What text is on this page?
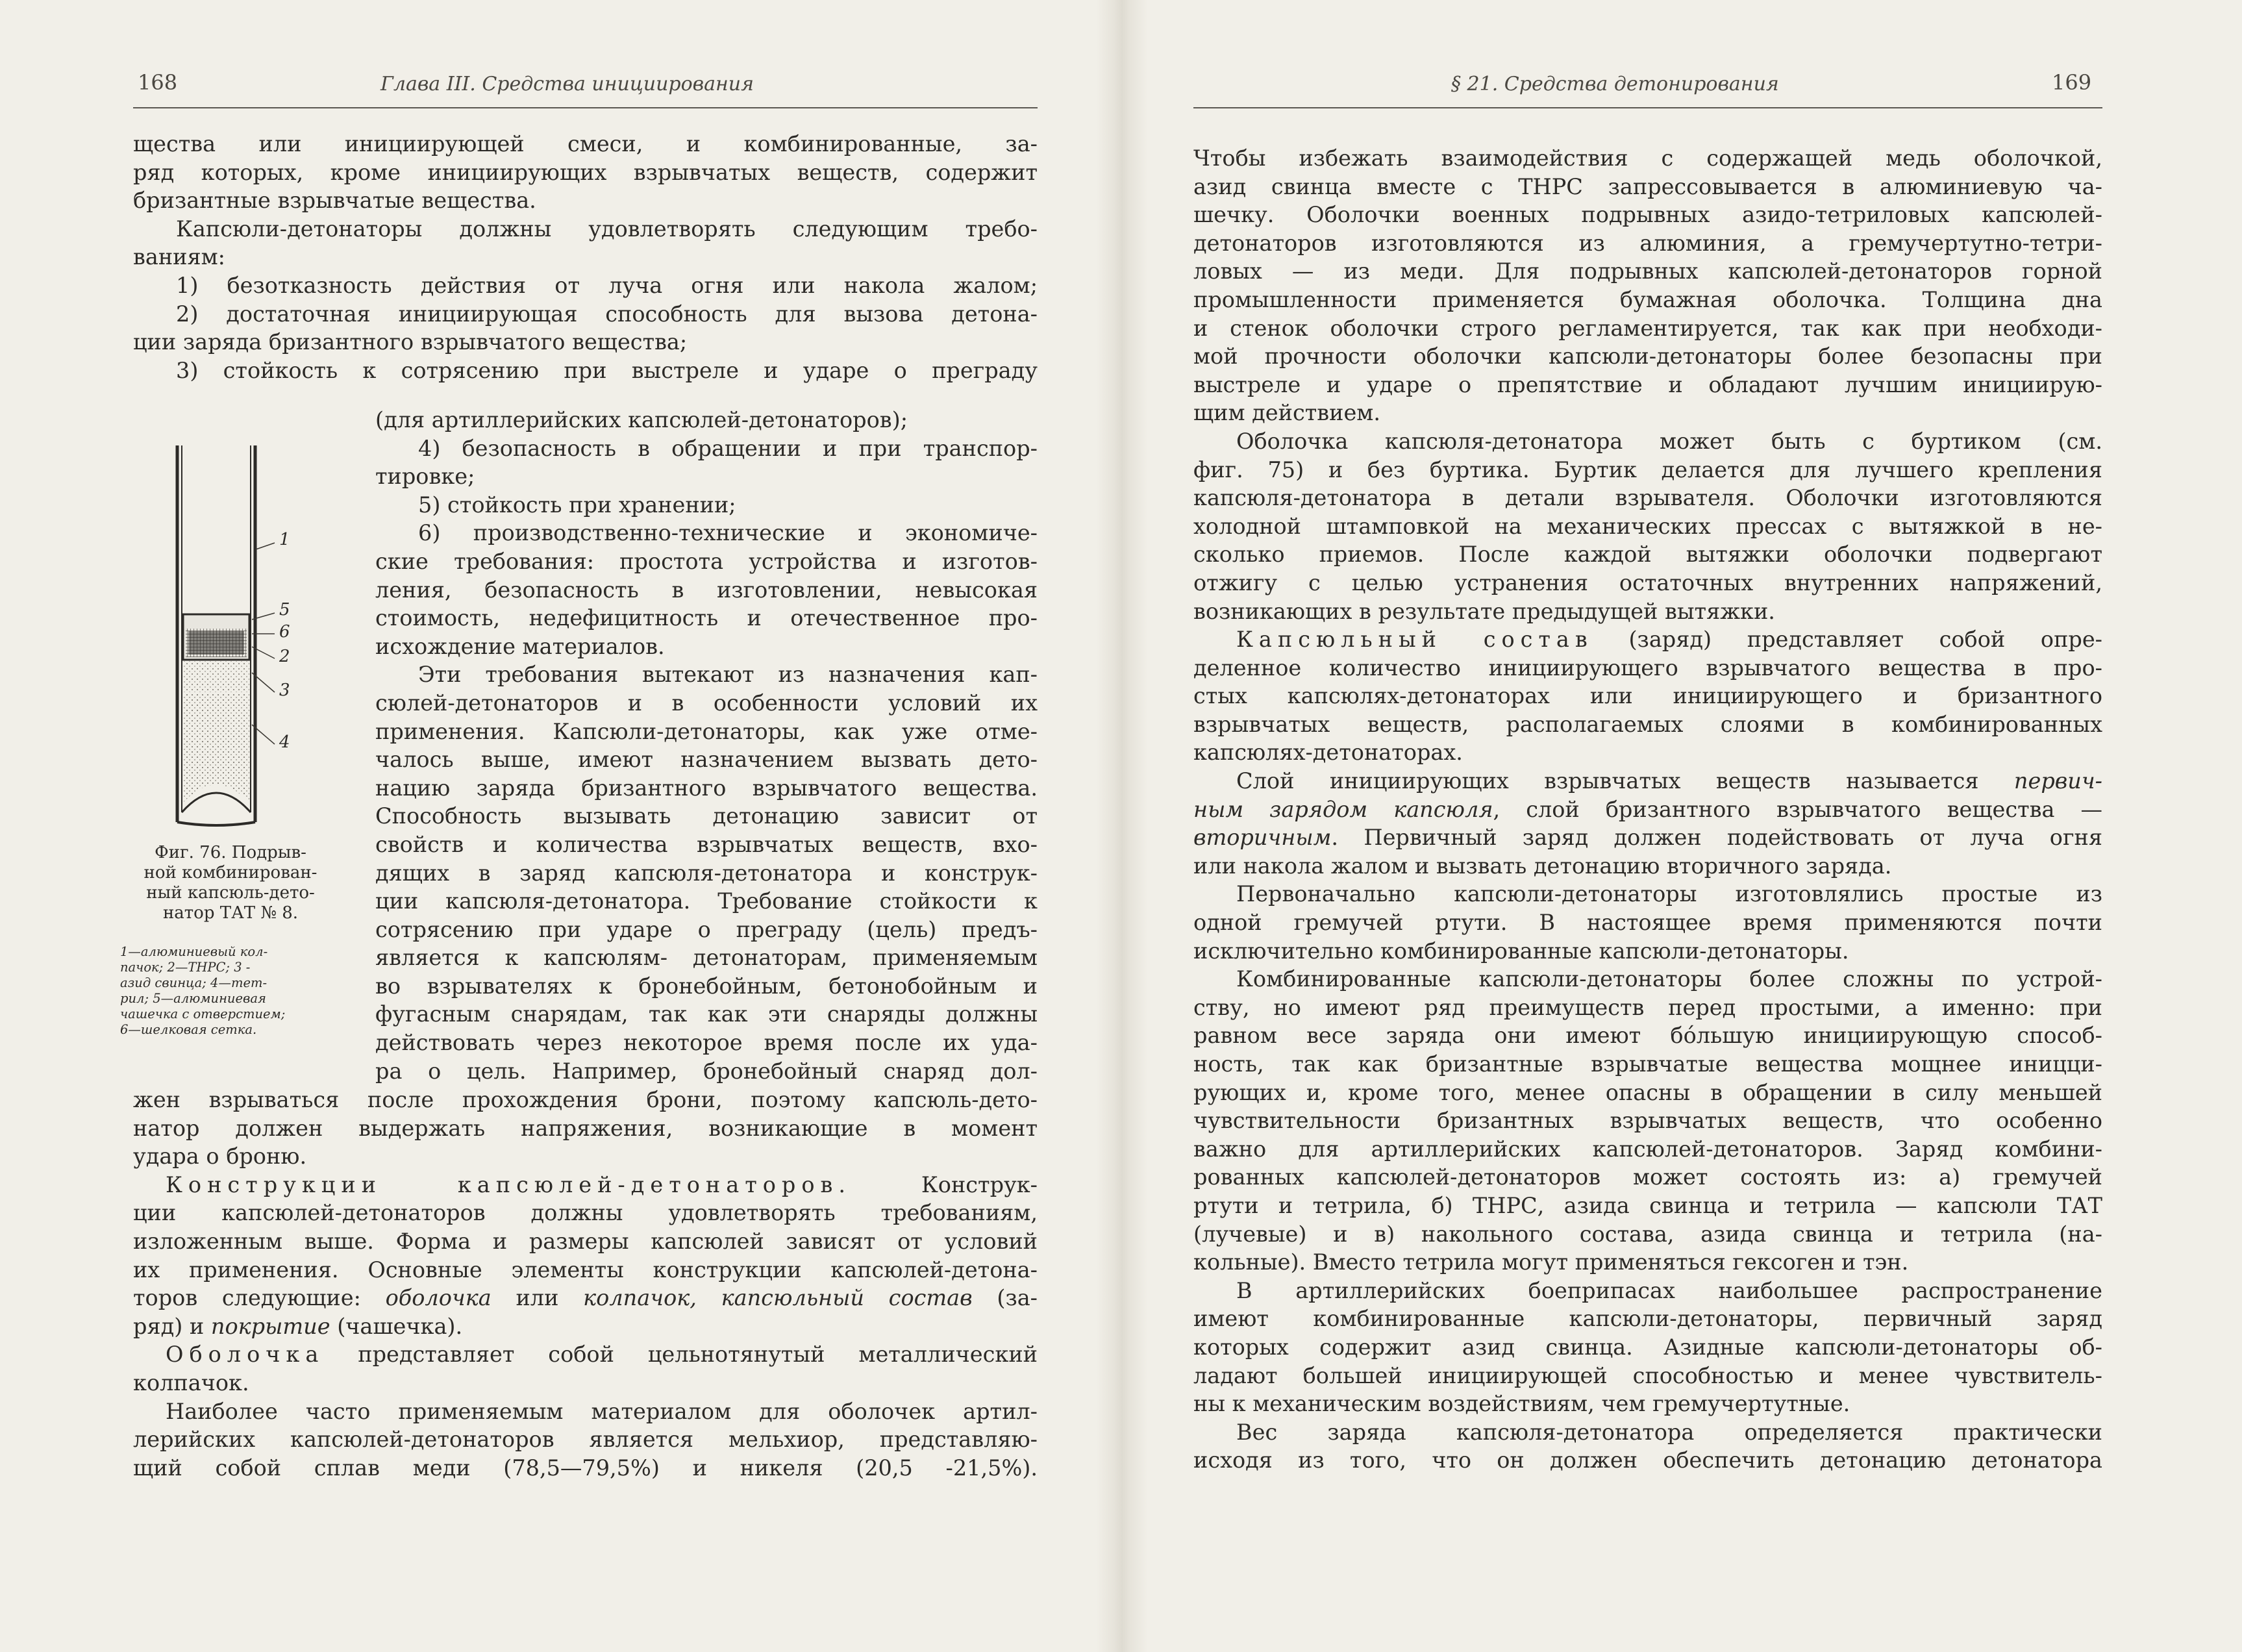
168	Глава III. Средства инициирования
щества или инициирующей смеси, и комбинированные, за-
ряд которых, кроме инициирующих взрывчатых веществ, содержит
бризантные взрывчатые вещества.
Капсюли-детонаторы должны удовлетворять следующим требо-
ваниям:
1) безотказность действия от луча огня или накола жалом;
2) достаточная инициирующая способность для вызова детона-
ции заряда бризантного взрывчатого вещества;
3) стойкость к сотрясению при выстреле и ударе о преграду
(для артиллерийских капсюлей-детонаторов);
4) безопасность в обращении и при транспор-
тировке;
5) стойкость при хранении;
6) производственно-технические и экономиче-
ские требования: простота устройства и изготов-
ления, безопасность в изготовлении, невысокая
стоимость, недефицитность и отечественное про-
исхождение материалов.
Эти требования вытекают из назначения кап-
сюлей-детонаторов и в особенности условий их
применения. Капсюли-детонаторы, как уже отме-
чалось выше, имеют назначением вызвать дето-
нацию заряда бризантного взрывчатого вещества.
Способность вызывать детонацию зависит от
свойств и количества взрывчатых веществ, вхо-
дящих в заряд капсюля-детонатора и конструк-
ции капсюля-детонатора. Требование стойкости к
сотрясению при ударе о преграду (цель) предъ-
является к капсюлям- детонаторам, применяемым
во взрывателях к бронебойным, бетонобойным и
фугасным снарядам, так как эти снаряды должны
действовать через некоторое время после их уда-
ра о цель. Например, бронебойный снаряд дол-
1
5
6
2
3
4
Фиг. 76. Подрыв-
ной комбинирован-
ный капсюль-дето-
натор ТАТ № 8.
1—алюминиевый кол-
пачок; 2—ТНРС; 3 -
азид свинца; 4—тет-
рил; 5—алюминиевая
чашечка с отверстием;
6—шелковая сетка.
жен взрываться после прохождения брони, поэтому капсюль-дето-
натор должен выдержать напряжения, возникающие в момент
удара о броню.
Конструкции капсюлей-детонаторов. Конструк-
ции капсюлей-детонаторов должны удовлетворять требованиям,
изложенным выше. Форма и размеры капсюлей зависят от условий
их применения. Основные элементы конструкции капсюлей-детона-
торов следующие: оболочка или колпачок, капсюльный состав (за-
ряд) и покрытие (чашечка).
Оболочка представляет собой цельнотянутый металлический
колпачок.
Наиболее часто применяемым материалом для оболочек артил-
лерийских капсюлей-детонаторов является мельхиор, представляю-
щий собой сплав меди (78,5—79,5%) и никеля (20,5 -21,5%).
§ 21. Средства детонирования	169
Чтобы избежать взаимодействия с содержащей медь оболочкой,
азид свинца вместе с ТНРС запрессовывается в алюминиевую ча-
шечку. Оболочки военных подрывных азидо-тетриловых капсюлей-
детонаторов изготовляются из алюминия, а гремучертутно-тетри-
ловых — из меди. Для подрывных капсюлей-детонаторов горной
промышленности применяется бумажная оболочка. Толщина дна
и стенок оболочки строго регламентируется, так как при необходи-
мой прочности оболочки капсюли-детонаторы более безопасны при
выстреле и ударе о препятствие и обладают лучшим инициирую-
щим действием.
Оболочка капсюля-детонатора может быть с буртиком (см.
фиг. 75) и без буртика. Буртик делается для лучшего крепления
капсюля-детонатора в детали взрывателя. Оболочки изготовляются
холодной штамповкой на механических прессах с вытяжкой в не-
сколько приемов. После каждой вытяжки оболочки подвергают
отжигу с целью устранения остаточных внутренних напряжений,
возникающих в результате предыдущей вытяжки.
Капсюльный состав (заряд) представляет собой опре-
деленное количество инициирующего взрывчатого вещества в про-
стых капсюлях-детонаторах или инициирующего и бризантного
взрывчатых веществ, располагаемых слоями в комбинированных
капсюлях-детонаторах.
Слой инициирующих взрывчатых веществ называется первич-
ным зарядом капсюля, слой бризантного взрывчатого вещества —
вторичным. Первичный заряд должен подействовать от луча огня
или накола жалом и вызвать детонацию вторичного заряда.
Первоначально капсюли-детонаторы изготовлялись простые из
одной гремучей ртути. В настоящее время применяются почти
исключительно комбинированные капсюли-детонаторы.
Комбинированные капсюли-детонаторы более сложны по устрой-
ству, но имеют ряд преимуществ перед простыми, а именно: при
равном весе заряда они имеют бо́льшую инициирующую способ-
ность, так как бризантные взрывчатые вещества мощнее иницци-
рующих и, кроме того, менее опасны в обращении в силу меньшей
чувствительности бризантных взрывчатых веществ, что особенно
важно для артиллерийских капсюлей-детонаторов. Заряд комбини-
рованных капсюлей-детонаторов может состоять из: а) гремучей
ртути и тетрила, б) ТНРС, азида свинца и тетрила — капсюли ТАТ
(лучевые) и в) накольного состава, азида свинца и тетрила (на-
кольные). Вместо тетрила могут применяться гексоген и тэн.
В артиллерийских боеприпасах наибольшее распространение
имеют комбинированные капсюли-детонаторы, первичный заряд
которых содержит азид свинца. Азидные капсюли-детонаторы об-
ладают большей инициирующей способностью и менее чувствитель-
ны к механическим воздействиям, чем гремучертутные.
Вес заряда капсюля-детонатора определяется практически
исходя из того, что он должен обеспечить детонацию детонатора
